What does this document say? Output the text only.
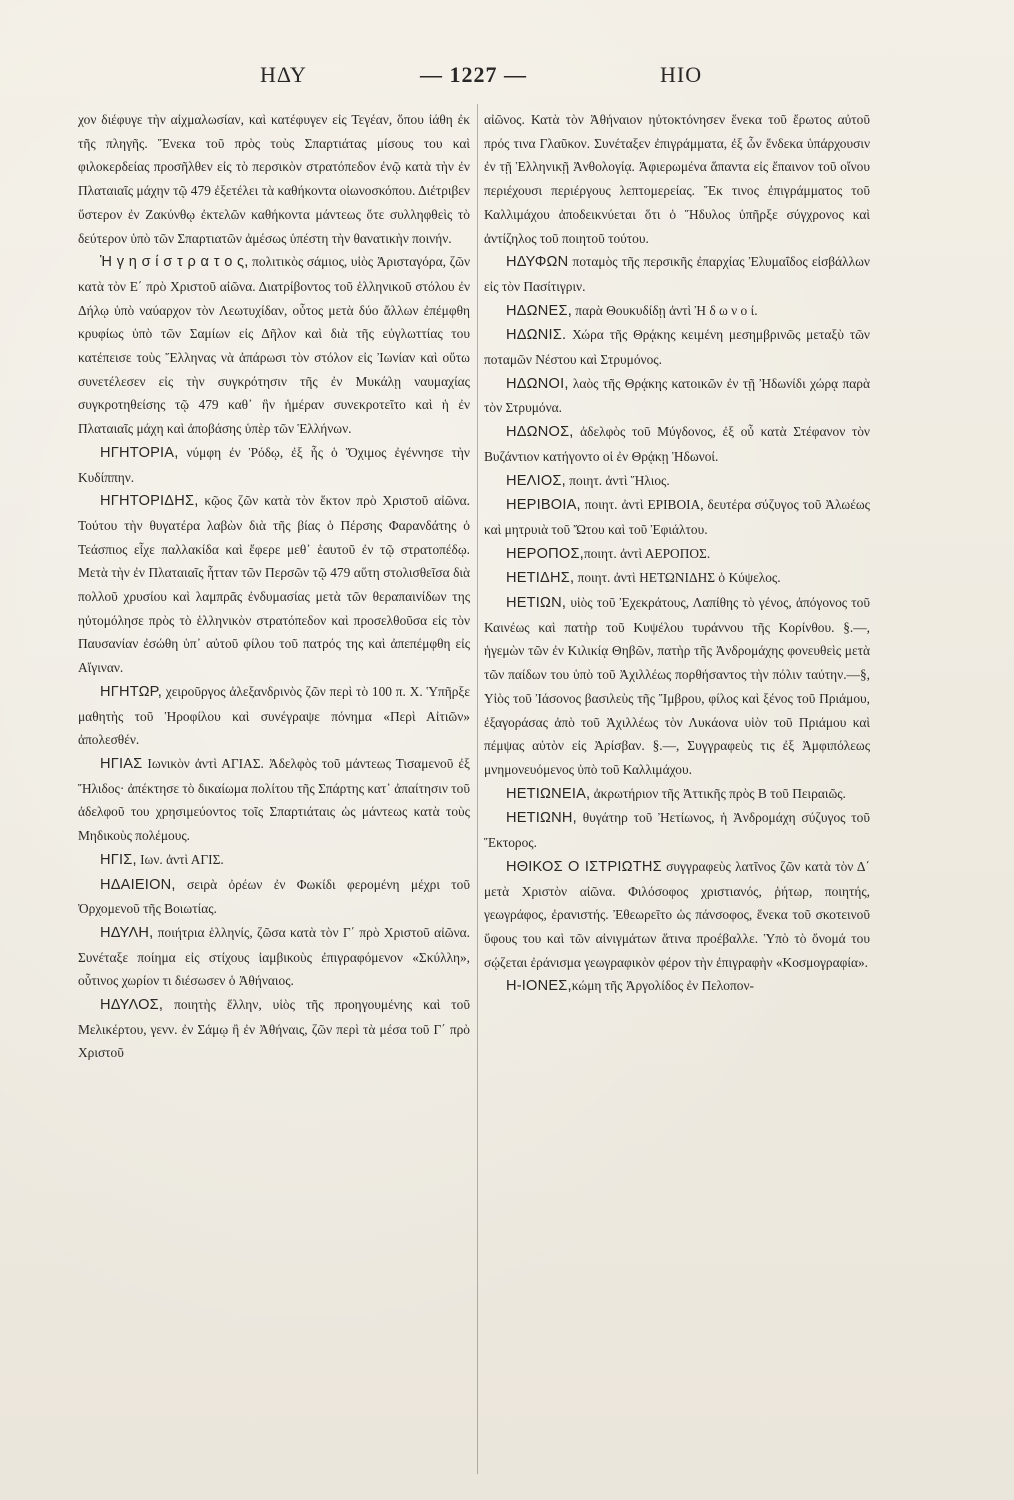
ΗΔΥ	— 1227 —	ΗΙΟ

χον διέφυγε τὴν αἰχμαλωσίαν, καὶ κατέφυγεν εἰς Τεγέαν, ὅπου ἰάθη ἐκ τῆς πληγῆς. Ἕνεκα τοῦ πρὸς τοὺς Σπαρτιάτας μίσους του καὶ φιλοκερδείας προσῆλθεν εἰς τὸ περσικὸν στρατόπεδον ἐνῷ κατὰ τὴν ἐν Πλαταιαῖς μάχην τῷ 479 ἐξετέλει τὰ καθήκοντα οἰωνοσκόπου. Διέτριβεν ὕστερον ἐν Ζακύνθῳ ἐκτελῶν καθήκοντα μάντεως ὅτε συλληφθεὶς τὸ δεύτερον ὑπὸ τῶν Σπαρτιατῶν ἀμέσως ὑπέστη τὴν θανατικὴν ποινήν.

Ἡ γ η σ ί σ τ ρ α τ ο ς, πολιτικὸς σάμιος, υἱὸς Ἀρισταγόρα, ζῶν κατὰ τὸν Ε΄ πρὸ Χριστοῦ αἰῶνα. Διατρίβοντος τοῦ ἑλληνικοῦ στόλου ἐν Δήλῳ ὑπὸ ναύαρχον τὸν Λεωτυχίδαν, οὗτος μετὰ δύο ἄλλων ἐπέμφθη κρυφίως ὑπὸ τῶν Σαμίων εἰς Δῆλον καὶ διὰ τῆς εὐγλωττίας του κατέπεισε τοὺς Ἕλληνας νὰ ἀπάρωσι τὸν στόλον εἰς Ἰωνίαν καὶ οὕτω συνετέλεσεν εἰς τὴν συγκρότησιν τῆς ἐν Μυκάλῃ ναυμαχίας συγκροτηθείσης τῷ 479 καθ᾽ ἣν ἡμέραν συνεκροτεῖτο καὶ ἡ ἐν Πλαταιαῖς μάχη καὶ ἀποβάσης ὑπὲρ τῶν Ἑλλήνων.

ΗΓΗΤΟΡΙΑ, νύμφη ἐν Ῥόδῳ, ἐξ ἧς ὁ Ὄχιμος ἐγέννησε τὴν Κυδίππην.

ΗΓΗΤΟΡΙΔΗΣ, κῷος ζῶν κατὰ τὸν ἕκτον πρὸ Χριστοῦ αἰῶνα. Τούτου τὴν θυγατέρα λαβὼν διὰ τῆς βίας ὁ Πέρσης Φαρανδάτης ὁ Τεάσπιος εἶχε παλλακίδα καὶ ἔφερε μεθ᾽ ἑαυτοῦ ἐν τῷ στρατοπέδῳ. Μετὰ τὴν ἐν Πλαταιαῖς ἧτταν τῶν Περσῶν τῷ 479 αὕτη στολισθεῖσα διὰ πολλοῦ χρυσίου καὶ λαμπρᾶς ἐνδυμασίας μετὰ τῶν θεραπαινίδων της ηὐτομόλησε πρὸς τὸ ἑλληνικὸν στρατόπεδον καὶ προσελθοῦσα εἰς τὸν Παυσανίαν ἐσώθη ὑπ᾽ αὐτοῦ φίλου τοῦ πατρός της καὶ ἀπεπέμφθη εἰς Αἴγιναν.

ΗΓΗΤΩΡ, χειροῦργος ἀλεξανδρινὸς ζῶν περὶ τὸ 100 π. Χ. Ὑπῆρξε μαθητὴς τοῦ Ἡροφίλου καὶ συνέγραψε πόνημα «Περὶ Αἰτιῶν» ἀπολεσθέν.

ΗΓΙΑΣ Ιωνικὸν ἀντὶ ΑΓΙΑΣ. Ἀδελφὸς τοῦ μάντεως Τισαμενοῦ ἐξ Ἤλιδος· ἀπέκτησε τὸ δικαίωμα πολίτου τῆς Σπάρτης κατ᾽ ἀπαίτησιν τοῦ ἀδελφοῦ του χρησιμεύοντος τοῖς Σπαρτιάταις ὡς μάντεως κατὰ τοὺς Μηδικοὺς πολέμους.

ΗΓΙΣ, Ιων. ἀντὶ ΑΓΙΣ.

ΗΔΑΙΕΙΟΝ, σειρὰ ὀρέων ἐν Φωκίδι φερομένη μέχρι τοῦ Ὀρχομενοῦ τῆς Βοιωτίας.

ΗΔΥΛΗ, ποιήτρια ἑλληνίς, ζῶσα κατὰ τὸν Γ΄ πρὸ Χριστοῦ αἰῶνα. Συνέταξε ποίημα εἰς στίχους ἰαμβικοὺς ἐπιγραφόμενον «Σκύλλη», οὗτινος χωρίον τι διέσωσεν ὁ Ἀθήναιος.

ΗΔΥΛΟΣ, ποιητὴς ἕλλην, υἱὸς τῆς προηγουμένης καὶ τοῦ Μελικέρτου, γενν. ἐν Σάμῳ ἢ ἐν Ἀθήναις, ζῶν περὶ τὰ μέσα τοῦ Γ΄ πρὸ Χριστοῦ

αἰῶνος. Κατὰ τὸν Ἀθήναιον ηὐτοκτόνησεν ἕνεκα τοῦ ἔρωτος αὐτοῦ πρός τινα Γλαῦκον. Συνέταξεν ἐπιγράμματα, ἐξ ὧν ἕνδεκα ὑπάρχουσιν ἐν τῇ Ἑλληνικῇ Ἀνθολογίᾳ. Ἀφιερωμένα ἅπαντα εἰς ἔπαινον τοῦ οἴνου περιέχουσι περιέργους λεπτομερείας. Ἔκ τινος ἐπιγράμματος τοῦ Καλλιμάχου ἀποδεικνύεται ὅτι ὁ Ἥδυλος ὑπῆρξε σύγχρονος καὶ ἀντίζηλος τοῦ ποιητοῦ τούτου.

ΗΔΥΦΩΝ ποταμὸς τῆς περσικῆς ἐπαρχίας Ἐλυμαΐδος εἰσβάλλων εἰς τὸν Πασίτιγριν.

ΗΔΩΝΕΣ, παρὰ Θουκυδίδῃ ἀντὶ Ἠ δ ω ν ο ί.

ΗΔΩΝΙΣ. Χώρα τῆς Θρᾴκης κειμένη μεσημβρινῶς μεταξὺ τῶν ποταμῶν Νέστου καὶ Στρυμόνος.

ΗΔΩΝΟΙ, λαὸς τῆς Θρᾴκης κατοικῶν ἐν τῇ Ἠδωνίδι χώρᾳ παρὰ τὸν Στρυμόνα.

ΗΔΩΝΟΣ, ἀδελφὸς τοῦ Μύγδονος, ἐξ οὗ κατὰ Στέφανον τὸν Βυζάντιον κατήγοντο οἱ ἐν Θρᾴκῃ Ἠδωνοί.

ΗΕΛΙΟΣ, ποιητ. ἀντὶ Ἥλιος.

ΗΕΡΙΒΟΙΑ, ποιητ. ἀντὶ ΕΡΙΒΟΙΑ, δευτέρα σύζυγος τοῦ Ἀλωέως καὶ μητρυιὰ τοῦ Ὤτου καὶ τοῦ Ἐφιάλτου.

ΗΕΡΟΠΟΣ,ποιητ. ἀντὶ ΑΕΡΟΠΟΣ.

ΗΕΤΙΔΗΣ, ποιητ. ἀντὶ ΗΕΤΩΝΙΔΗΣ ὁ Κύψελος.

ΗΕΤΙΩΝ, υἱὸς τοῦ Ἐχεκράτους, Λαπίθης τὸ γένος, ἀπόγονος τοῦ Καινέως καὶ πατὴρ τοῦ Κυψέλου τυράννου τῆς Κορίνθου. §.—, ἡγεμὼν τῶν ἐν Κιλικίᾳ Θηβῶν, πατὴρ τῆς Ἀνδρομάχης φονευθεὶς μετὰ τῶν παίδων του ὑπὸ τοῦ Ἀχιλλέως πορθήσαντος τὴν πόλιν ταύτην.—§, Υἱὸς τοῦ Ἰάσονος βασιλεὺς τῆς Ἴμβρου, φίλος καὶ ξένος τοῦ Πριάμου, ἐξαγοράσας ἀπὸ τοῦ Ἀχιλλέως τὸν Λυκάονα υἱὸν τοῦ Πριάμου καὶ πέμψας αὐτὸν εἰς Ἀρίσβαν. §.—, Συγγραφεὺς τις ἐξ Ἀμφιπόλεως μνημονευόμενος ὑπὸ τοῦ Καλλιμάχου.

ΗΕΤΙΩΝΕΙΑ, ἀκρωτήριον τῆς Ἀττικῆς πρὸς Β τοῦ Πειραιῶς.

ΗΕΤΙΩΝΗ, θυγάτηρ τοῦ Ἠετίωνος, ἡ Ἀνδρομάχη σύζυγος τοῦ Ἕκτορος.

ΗΘΙΚΟΣ Ο ΙΣΤΡΙΩΤΗΣ συγγραφεὺς λατῖνος ζῶν κατὰ τὸν Δ΄ μετὰ Χριστὸν αἰῶνα. Φιλόσοφος χριστιανός, ῥήτωρ, ποιητής, γεωγράφος, ἐρανιστής. Ἐθεωρεῖτο ὡς πάνσοφος, ἕνεκα τοῦ σκοτεινοῦ ὕφους του καὶ τῶν αἰνιγμάτων ἅτινα προέβαλλε. Ὑπὸ τὸ ὄνομά του σῴζεται ἐράνισμα γεωγραφικὸν φέρον τὴν ἐπιγραφὴν «Κοσμογραφία».

Η-ΙΟΝΕΣ,κώμη τῆς Ἀργολίδος ἐν Πελοπον-
